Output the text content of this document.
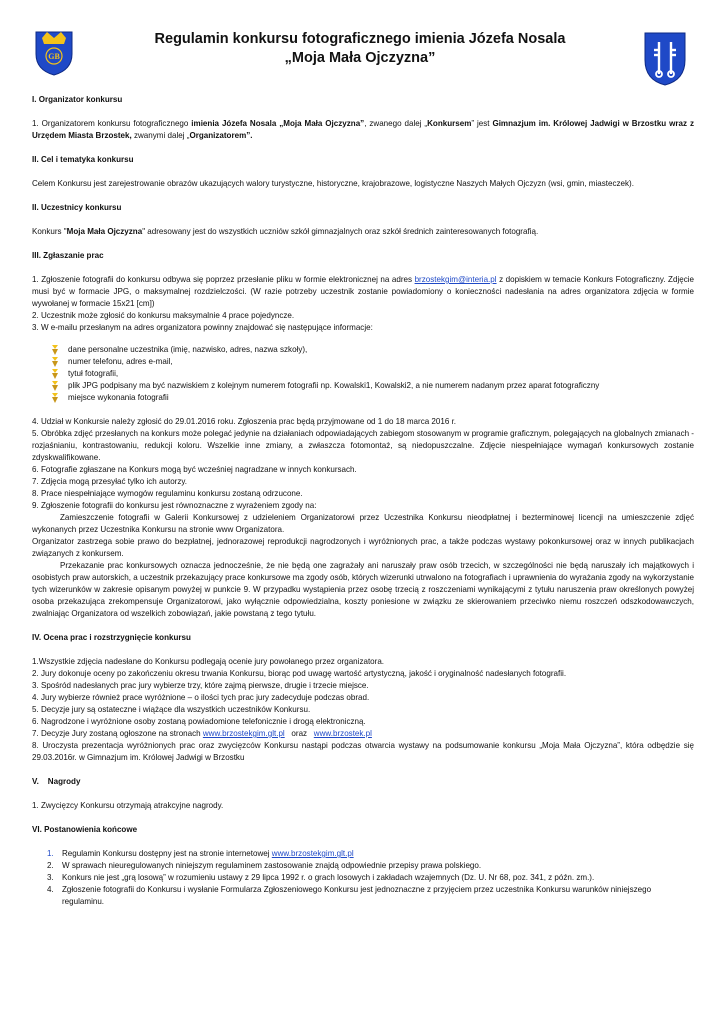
GB
Regulamin konkursu fotograficznego imienia Józefa Nosala
„Moja Mała Ojczyzna”

I. Organizator konkursu

1. Organizatorem konkursu fotograficznego imienia Józefa Nosala „Moja Mała Ojczyzna”, zwanego dalej „Konkursem” jest Gimnazjum im. Królowej Jadwigi w Brzostku wraz z Urzędem Miasta Brzostek, zwanymi dalej „Organizatorem”.

II. Cel i tematyka konkursu

Celem Konkursu jest zarejestrowanie obrazów ukazujących walory turystyczne, historyczne, krajobrazowe, logistyczne Naszych Małych Ojczyzn (wsi, gmin, miasteczek).

II. Uczestnicy konkursu

Konkurs "Moja Mała Ojczyzna" adresowany jest do wszystkich uczniów szkół gimnazjalnych oraz szkół średnich zainteresowanych fotografią.

III. Zgłaszanie prac

1. Zgłoszenie fotografii do konkursu odbywa się poprzez przesłanie pliku w formie elektronicznej na adres brzostekgim@interia.pl z dopiskiem w temacie Konkurs Fotograficzny. Zdjęcie musi być w formacie JPG, o maksymalnej rozdzielczości. (W razie potrzeby uczestnik zostanie powiadomiony o konieczności nadesłania na adres organizatora zdjęcia w formie wywołanej w formacie 15x21 [cm])

2. Uczestnik może zgłosić do konkursu maksymalnie 4 prace pojedyncze.

3. W e-mailu przesłanym na adres organizatora powinny znajdować się następujące informacje:

dane personalne uczestnika (imię, nazwisko, adres, nazwa szkoły),
numer telefonu, adres e-mail,
tytuł fotografii,
plik JPG podpisany ma być nazwiskiem z kolejnym numerem fotografii np. Kowalski1, Kowalski2, a nie numerem nadanym przez aparat fotograficzny
miejsce wykonania fotografii

4. Udział w Konkursie należy zgłosić do 29.01.2016 roku. Zgłoszenia prac będą przyjmowane od 1 do 18 marca 2016 r.

5. Obróbka zdjęć przesłanych na konkurs może polegać jedynie na działaniach odpowiadających zabiegom stosowanym w programie graficznym, polegających na globalnych zmianach - rozjaśnianiu, kontrastowaniu, redukcji koloru. Wszelkie inne zmiany, a zwłaszcza fotomontaż, są niedopuszczalne. Zdjęcie niespełniające wymagań konkursowych zostanie zdyskwalifikowane.

6. Fotografie zgłaszane na Konkurs mogą być wcześniej nagradzane w innych konkursach.

7. Zdjęcia mogą przesyłać tylko ich autorzy.

8. Prace niespełniające wymogów regulaminu konkursu zostaną odrzucone.

9. Zgłoszenie fotografii do konkursu jest równoznaczne z wyrażeniem zgody na:

Zamieszczenie fotografii w Galerii Konkursowej z udzieleniem Organizatorowi przez Uczestnika Konkursu nieodpłatnej i bezterminowej licencji na umieszczenie zdjęć wykonanych przez Uczestnika Konkursu na stronie www Organizatora.

Organizator zastrzega sobie prawo do bezpłatnej, jednorazowej reprodukcji nagrodzonych i wyróżnionych prac, a także podczas wystawy pokonkursowej oraz w innych publikacjach związanych z konkursem.

Przekazanie prac konkursowych oznacza jednocześnie, że nie będą one zagrażały ani naruszały praw osób trzecich, w szczególności nie będą naruszały ich majątkowych i osobistych praw autorskich, a uczestnik przekazujący prace konkursowe ma zgody osób, których wizerunki utrwalono na fotografiach i uprawnienia do wyrażania zgody na wykorzystanie tych wizerunków w zakresie opisanym powyżej w punkcie 9. W przypadku wystąpienia przez osobę trzecią z roszczeniami wynikającymi z tytułu naruszenia praw określonych powyżej osoba przekazująca zrekompensuje Organizatorowi, jako wyłącznie odpowiedzialna, koszty poniesione w związku ze skierowaniem przeciwko niemu roszczeń odszkodowawczych, zwalniając Organizatora od wszelkich zobowiązań, jakie powstaną z tego tytułu.

IV. Ocena prac i rozstrzygnięcie konkursu

1.Wszystkie zdjęcia nadesłane do Konkursu podlegają ocenie jury powołanego przez organizatora.

2. Jury dokonuje oceny po zakończeniu okresu trwania Konkursu, biorąc pod uwagę wartość artystyczną, jakość i oryginalność nadesłanych fotografii.

3. Spośród nadesłanych prac jury wybierze trzy, które zajmą pierwsze, drugie i trzecie miejsce.

4. Jury wybierze również prace wyróżnione – o ilości tych prac jury zadecyduje podczas obrad.

5. Decyzje jury są ostateczne i wiążące dla wszystkich uczestników Konkursu.

6. Nagrodzone i wyróżnione osoby zostaną powiadomione telefonicznie i drogą elektroniczną.

7. Decyzje Jury zostaną ogłoszone na stronach www.brzostekgim.glt.pl   oraz   www.brzostek.pl

8. Uroczysta prezentacja wyróżnionych prac oraz zwycięzców Konkursu nastąpi podczas otwarcia wystawy na podsumowanie konkursu „Moja Mała Ojczyzna”, która odbędzie się 29.03.2016r. w Gimnazjum im. Królowej Jadwigi w Brzostku

V.    Nagrody

1. Zwycięzcy Konkursu otrzymają atrakcyjne nagrody.

VI. Postanowienia końcowe

1. Regulamin Konkursu dostępny jest na stronie internetowej www.brzostekgim.glt.pl
2. W sprawach nieuregulowanych niniejszym regulaminem zastosowanie znajdą odpowiednie przepisy prawa polskiego.
3. Konkurs nie jest „grą losową” w rozumieniu ustawy z 29 lipca 1992 r. o grach losowych i zakładach wzajemnych (Dz. U. Nr 68, poz. 341, z późn. zm.).
4. Zgłoszenie fotografii do Konkursu i wysłanie Formularza Zgłoszeniowego Konkursu jest jednoznaczne z przyjęciem przez uczestnika Konkursu warunków niniejszego regulaminu.
